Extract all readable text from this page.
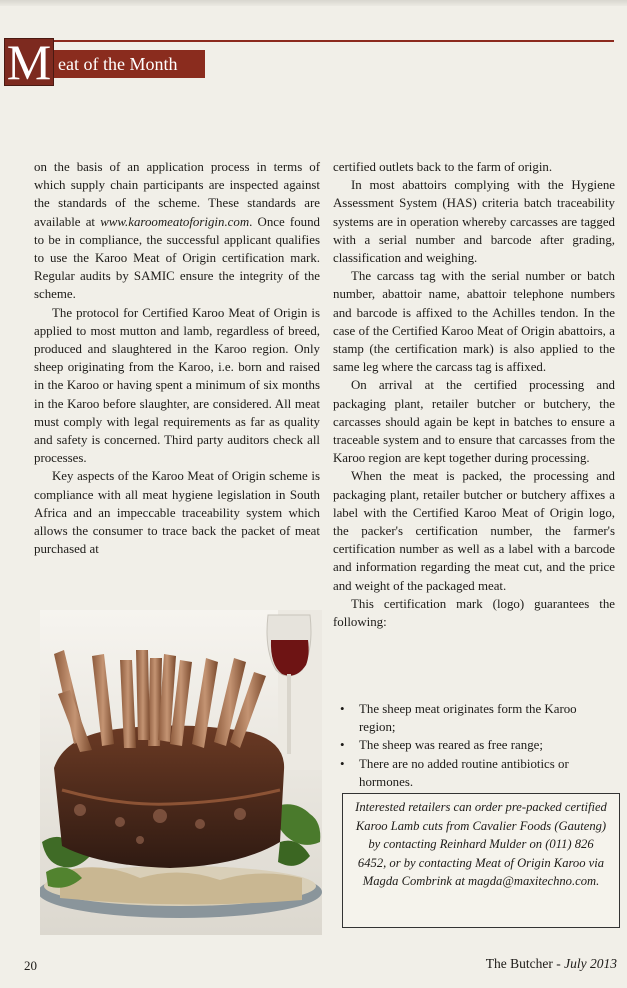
M eat of the Month

on the basis of an application process in terms of which supply chain participants are inspected against the standards of the scheme. These standards are available at www.karoomeatoforigin.com. Once found to be in compliance, the successful applicant qualifies to use the Karoo Meat of Origin certification mark. Regular audits by SAMIC ensure the integrity of the scheme.

The protocol for Certified Karoo Meat of Origin is applied to most mutton and lamb, regardless of breed, produced and slaughtered in the Karoo region. Only sheep originating from the Karoo, i.e. born and raised in the Karoo or having spent a minimum of six months in the Karoo before slaughter, are considered. All meat must comply with legal requirements as far as quality and safety is concerned. Third party auditors check all processes.

Key aspects of the Karoo Meat of Origin scheme is compliance with all meat hygiene legislation in South Africa and an impeccable traceability system which allows the consumer to trace back the packet of meat purchased at

certified outlets back to the farm of origin.

In most abattoirs complying with the Hygiene Assessment System (HAS) criteria batch traceability systems are in operation whereby carcasses are tagged with a serial number and barcode after grading, classification and weighing.

The carcass tag with the serial number or batch number, abattoir name, abattoir telephone numbers and barcode is affixed to the Achilles tendon. In the case of the Certified Karoo Meat of Origin abattoirs, a stamp (the certification mark) is also applied to the same leg where the carcass tag is affixed.

On arrival at the certified processing and packaging plant, retailer butcher or butchery, the carcasses should again be kept in batches to ensure a traceable system and to ensure that carcasses from the Karoo region are kept together during processing.

When the meat is packed, the processing and packaging plant, retailer butcher or butchery affixes a label with the Certified Karoo Meat of Origin logo, the packer's certification number, the farmer's certification number as well as a label with a barcode and information regarding the meat cut, and the price and weight of the packaged meat.

This certification mark (logo) guarantees the following:

• The sheep meat originates form the Karoo region;
• The sheep was reared as free range;
• There are no added routine antibiotics or hormones.
Interested retailers can order pre-packed certified Karoo Lamb cuts from Cavalier Foods (Gauteng) by contacting Reinhard Mulder on (011) 826 6452, or by contacting Meat of Origin Karoo via Magda Combrink at magda@maxitechno.com.
20	The Butcher - July 2013
